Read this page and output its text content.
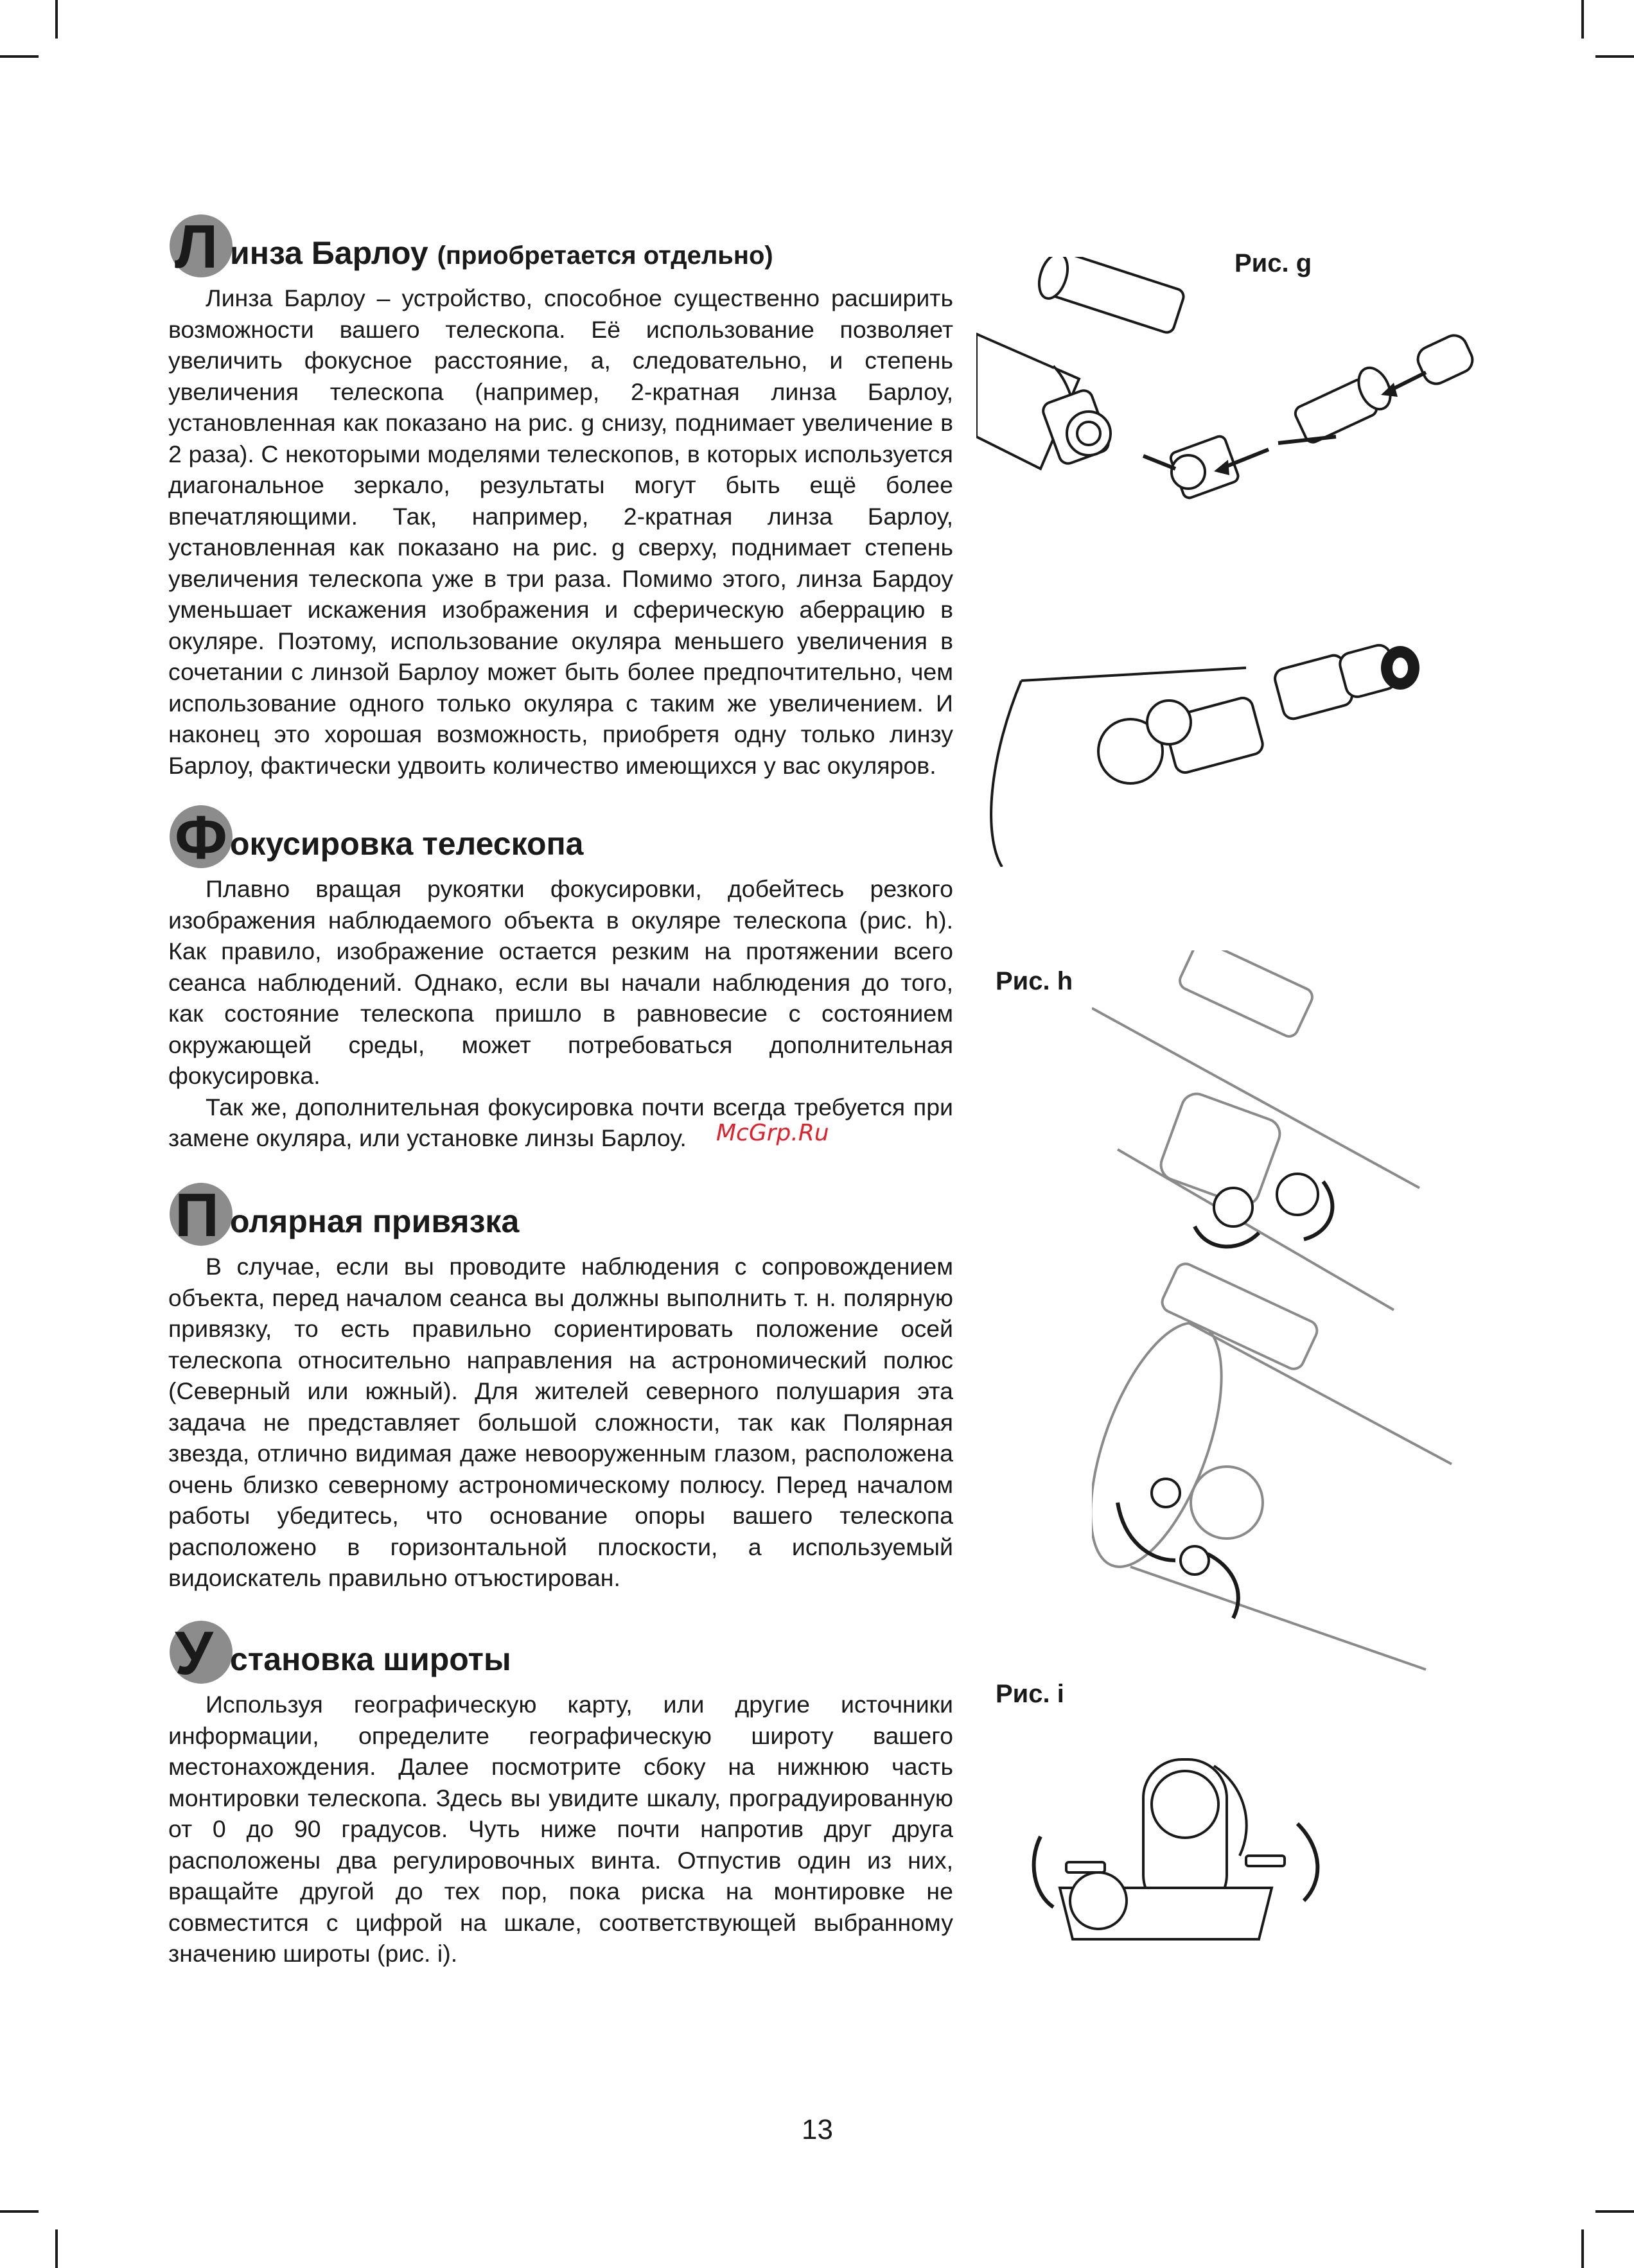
Л инза Барлоу (приобретается отдельно)

Линза Барлоу – устройство, способное существенно расширить возможности вашего телескопа. Её использование позволяет увеличить фокусное расстояние, а, следовательно, и степень увеличения телескопа (например, 2-кратная линза Барлоу, установленная как показано на рис. g снизу, поднимает увеличение в 2 раза). С некоторыми моделями телескопов, в которых используется диагональное зеркало, результаты могут быть ещё более впечатляющими. Так, например, 2-кратная линза Барлоу, установленная как показано на рис. g сверху, поднимает степень увеличения телескопа уже в три раза. Помимо этого, линза Бардоу уменьшает искажения изображения и сферическую аберрацию в окуляре. Поэтому, использование окуляра меньшего увеличения в сочетании с линзой Барлоу может быть более предпочтительно, чем использование одного только окуляра с таким же увеличением. И наконец это хорошая возможность, приобретя одну только линзу Барлоу, фактически удвоить количество имеющихся у вас окуляров.

Ф окусировка телескопа

Плавно вращая рукоятки фокусировки, добейтесь резкого изображения наблюдаемого объекта в окуляре телескопа (рис. h). Как правило, изображение остается резким на протяжении всего сеанса наблюдений. Однако, если вы начали наблюдения до того, как состояние телескопа пришло в равновесие с состоянием окружающей среды, может потребоваться дополнительная фокусировка.

Так же, дополнительная фокусировка почти всегда требуется при замене окуляра, или установке линзы Барлоу.	McGrp.Ru
П олярная привязка

В случае, если вы проводите наблюдения с сопровождением объекта, перед началом сеанса вы должны выполнить т. н. полярную привязку, то есть правильно сориентировать положение осей телескопа относительно направления на астрономический полюс (Северный или южный). Для жителей северного полушария эта задача не представляет большой сложности, так как Полярная звезда, отлично видимая даже невооруженным глазом, расположена очень близко северному астрономическому полюсу. Перед началом работы убедитесь, что основание опоры вашего телескопа расположено в горизонтальной плоскости, а используемый видоискатель правильно отъюстирован.

У становка широты

Используя географическую карту, или другие источники информации, определите географическую широту вашего местонахождения. Далее посмотрите сбоку на нижнюю часть монтировки телескопа. Здесь вы увидите шкалу, проградуированную от 0 до 90 градусов. Чуть ниже почти напротив друг друга расположены два регулировочных винта. Отпустив один из них, вращайте другой до тех пор, пока риска на монтировке не совместится с цифрой на шкале, соответствующей выбранному значению широты (рис. i).

Рис. g
Рис. h
Рис. i
13
